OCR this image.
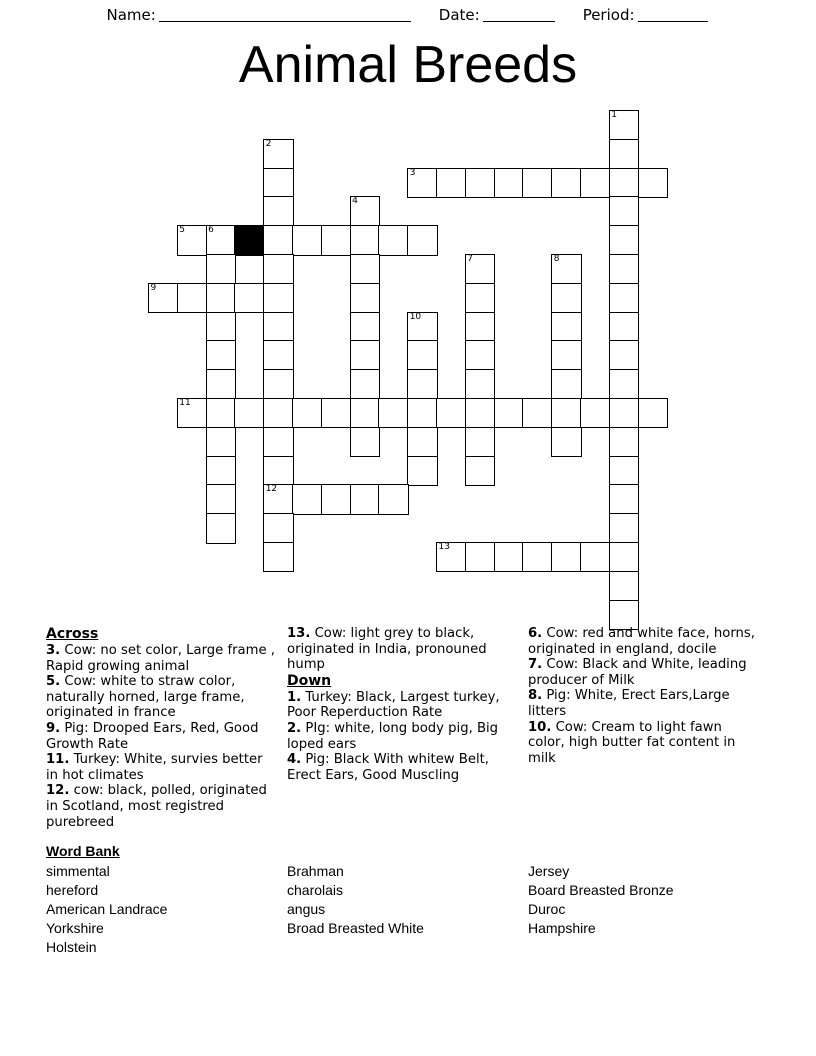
Name:	Date:	Period:
Animal Breeds
1
2
3
4
5	6
7	8
9
10
11
12
13
Across
3. Cow: no set color, Large frame , Rapid growing animal
5. Cow: white to straw color, naturally horned, large frame, originated in france
9. Pig: Drooped Ears, Red, Good Growth Rate
11. Turkey: White, survies better in hot climates
12. cow: black, polled, originated in Scotland, most registred purebreed
13. Cow: light grey to black, originated in India, pronouned hump
Down
1. Turkey: Black, Largest turkey, Poor Reperduction Rate
2. PIg: white, long body pig, Big loped ears
4. Pig: Black With whitew Belt, Erect Ears, Good Muscling
6. Cow: red and white face, horns, originated in england, docile
7. Cow: Black and White, leading producer of Milk
8. Pig: White, Erect Ears,Large litters
10. Cow: Cream to light fawn color, high butter fat content in milk
Word Bank
simmental
hereford
American Landrace
Yorkshire
Holstein
Brahman
charolais
angus
Broad Breasted White
Jersey
Board Breasted Bronze
Duroc
Hampshire
